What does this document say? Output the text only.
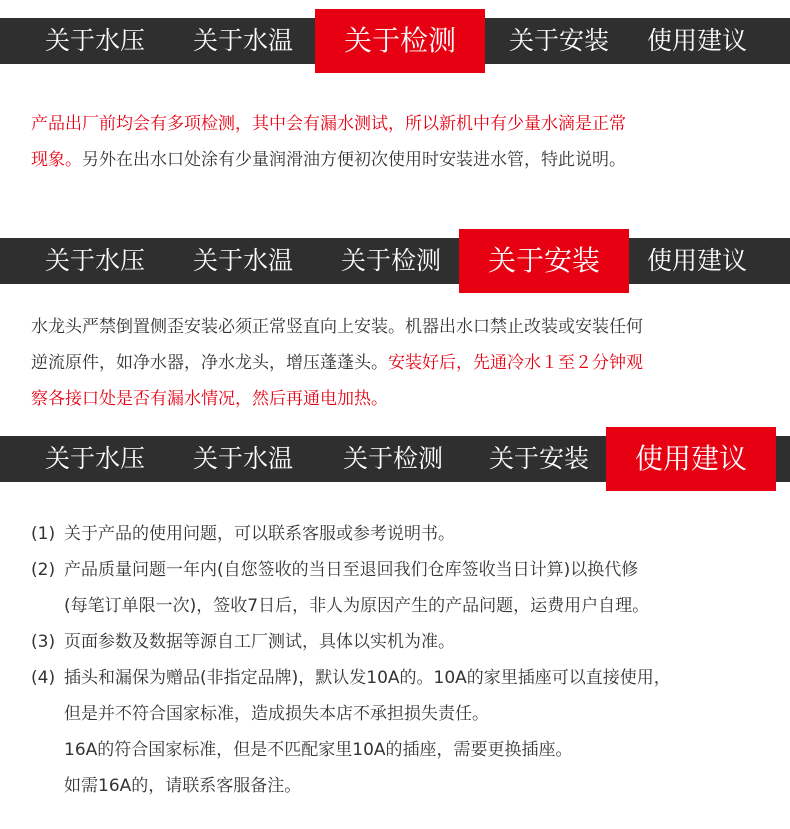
关于水压	关于水温	关于检测	关于安装	使用建议
产品出厂前均会有多项检测，其中会有漏水测试，所以新机中有少量水滴是正常
现象。另外在出水口处涂有少量润滑油方便初次使用时安装进水管，特此说明。
关于水压	关于水温	关于检测	关于安装	使用建议
水龙头严禁倒置侧歪安装必须正常竖直向上安装。机器出水口禁止改装或安装任何
逆流原件，如净水器，净水龙头，增压蓬蓬头。安装好后，先通冷水１至２分钟观
察各接口处是否有漏水情况，然后再通电加热。
关于水压	关于水温	关于检测	关于安装	使用建议
(1) 关于产品的使用问题，可以联系客服或参考说明书。
(2) 产品质量问题一年内(自您签收的当日至退回我们仓库签收当日计算)以换代修
(每笔订单限一次)，签收7日后，非人为原因产生的产品问题，运费用户自理。
(3) 页面参数及数据等源自工厂测试，具体以实机为准。
(4) 插头和漏保为赠品(非指定品牌)，默认发10A的。10A的家里插座可以直接使用，
但是并不符合国家标准，造成损失本店不承担损失责任。
16A的符合国家标准，但是不匹配家里10A的插座，需要更换插座。
如需16A的，请联系客服备注。
